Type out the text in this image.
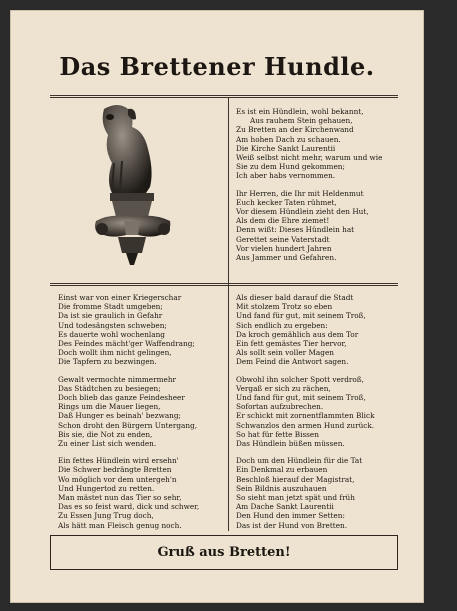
Das Brettener Hundle.
Es ist ein Hündlein, wohl bekannt,
Aus rauhem Stein gehauen,
Zu Bretten an der Kirchenwand
Am hohen Dach zu schauen.
Die Kirche Sankt Laurentii
Weiß selbst nicht mehr, warum und wie
Sie zu dem Hund gekommen;
Ich aber habs vernommen.
Ihr Herren, die Ihr mit Heldenmut
Euch kecker Taten rühmet,
Vor diesem Hündlein zieht den Hut,
Als dem die Ehre ziemet!
Denn wißt: Dieses Hündlein hat
Gerettet seine Vaterstadt
Vor vielen hundert Jahren
Aus Jammer und Gefahren.
Einst war von einer Kriegerschar
Die fromme Stadt umgeben;
Da ist sie graulich in Gefahr
Und todesängsten schweben;
Es dauerte wohl wochenlang
Des Feindes mächt'ger Waffendrang;
Doch wollt ihm nicht gelingen,
Die Tapfern zu bezwingen.
Gewalt vermochte nimmermehr
Das Städtchen zu besiegen;
Doch blieb das ganze Feindesheer
Rings um die Mauer liegen,
Daß Hunger es beinah' bezwang;
Schon droht den Bürgern Untergang,
Bis sie, die Not zu enden,
Zu einer List sich wenden.
Ein fettes Hündlein wird ersehn'
Die Schwer bedrängte Bretten
Wo möglich vor dem untergeh'n
Und Hungertod zu retten.
Man mästet nun das Tier so sehr,
Das es so feist ward, dick und schwer,
Zu Essen Jung Trug doch,
Als hätt man Fleisch genug noch.
Als dieser bald darauf die Stadt
Mit stolzem Trotz so eben
Und fand für gut, mit seinem Troß,
Sich endlich zu ergeben:
Da kroch gemählich aus dem Tor
Ein fett gemästes Tier hervor,
Als sollt sein voller Magen
Dem Feind die Antwort sagen.
Obwohl ihn solcher Spott verdroß,
Vergaß er sich zu rächen,
Und fand für gut, mit seinem Troß,
Sofortan aufzubrechen.
Er schickt mit zornentflammten Blick
Schwanzlos den armen Hund zurück.
So hat für fette Bissen
Das Hündlein büßen müssen.
Doch um den Hündlein für die Tat
Ein Denkmal zu erbauen
Beschloß hierauf der Magistrat,
Sein Bildnis auszuhauen
So sieht man jetzt spät und früh
Am Dache Sankt Laurentii
Den Hund den immer Setten:
Das ist der Hund von Bretten.
Gruß aus Bretten!
